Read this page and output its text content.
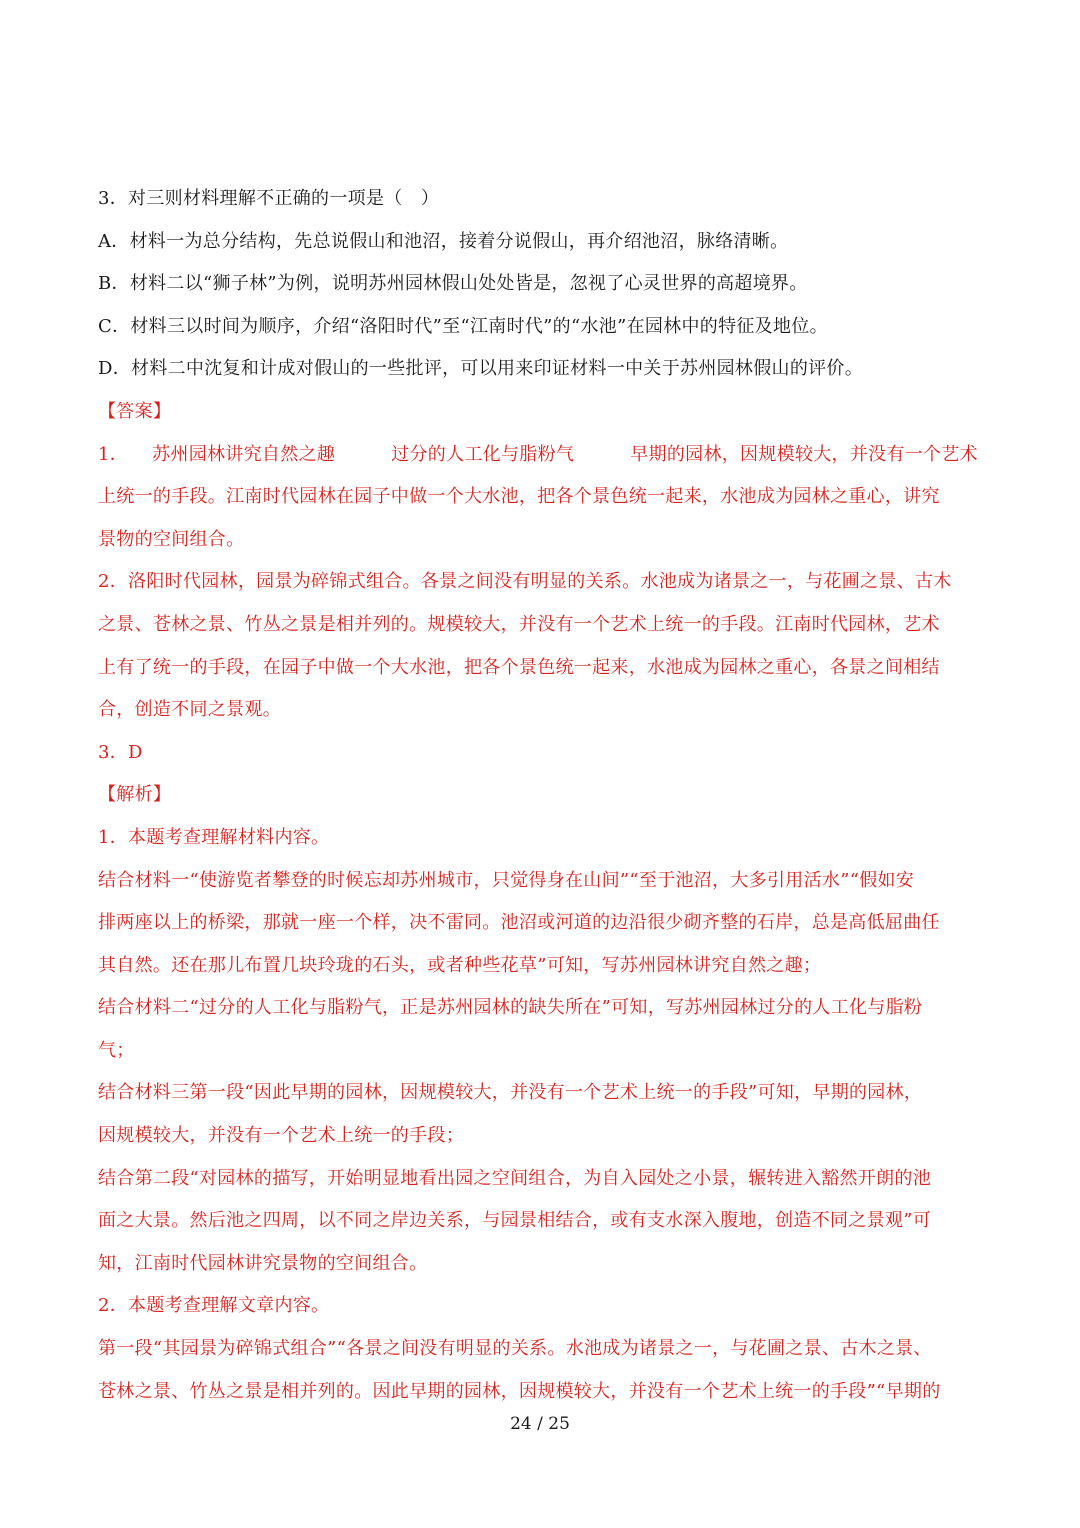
3．对三则材料理解不正确的一项是（　）
A．材料一为总分结构，先总说假山和池沼，接着分说假山，再介绍池沼，脉络清晰。
B．材料二以“狮子林”为例，说明苏州园林假山处处皆是，忽视了心灵世界的高超境界。
C．材料三以时间为顺序，介绍“洛阳时代”至“江南时代”的“水池”在园林中的特征及地位。
D．材料二中沈复和计成对假山的一些批评，可以用来印证材料一中关于苏州园林假山的评价。
【答案】
1． 苏州园林讲究自然之趣	过分的人工化与脂粉气	早期的园林，因规模较大，并没有一个艺术
上统一的手段。江南时代园林在园子中做一个大水池，把各个景色统一起来，水池成为园林之重心，讲究
景物的空间组合。
2．洛阳时代园林，园景为碎锦式组合。各景之间没有明显的关系。水池成为诸景之一，与花圃之景、古木
之景、苍林之景、竹丛之景是相并列的。规模较大，并没有一个艺术上统一的手段。江南时代园林，艺术
上有了统一的手段，在园子中做一个大水池，把各个景色统一起来，水池成为园林之重心，各景之间相结
合，创造不同之景观。
3．D
【解析】
1．本题考查理解材料内容。
结合材料一“使游览者攀登的时候忘却苏州城市，只觉得身在山间”“至于池沼，大多引用活水”“假如安
排两座以上的桥梁，那就一座一个样，决不雷同。池沼或河道的边沿很少砌齐整的石岸，总是高低屈曲任
其自然。还在那儿布置几块玲珑的石头，或者种些花草”可知，写苏州园林讲究自然之趣；
结合材料二“过分的人工化与脂粉气，正是苏州园林的缺失所在”可知，写苏州园林过分的人工化与脂粉
气；
结合材料三第一段“因此早期的园林，因规模较大，并没有一个艺术上统一的手段”可知，早期的园林，
因规模较大，并没有一个艺术上统一的手段；
结合第二段“对园林的描写，开始明显地看出园之空间组合，为自入园处之小景，辗转进入豁然开朗的池
面之大景。然后池之四周，以不同之岸边关系，与园景相结合，或有支水深入腹地，创造不同之景观”可
知，江南时代园林讲究景物的空间组合。
2．本题考查理解文章内容。
第一段“其园景为碎锦式组合”“各景之间没有明显的关系。水池成为诸景之一，与花圃之景、古木之景、
苍林之景、竹丛之景是相并列的。因此早期的园林，因规模较大，并没有一个艺术上统一的手段”“早期的
24 / 25
